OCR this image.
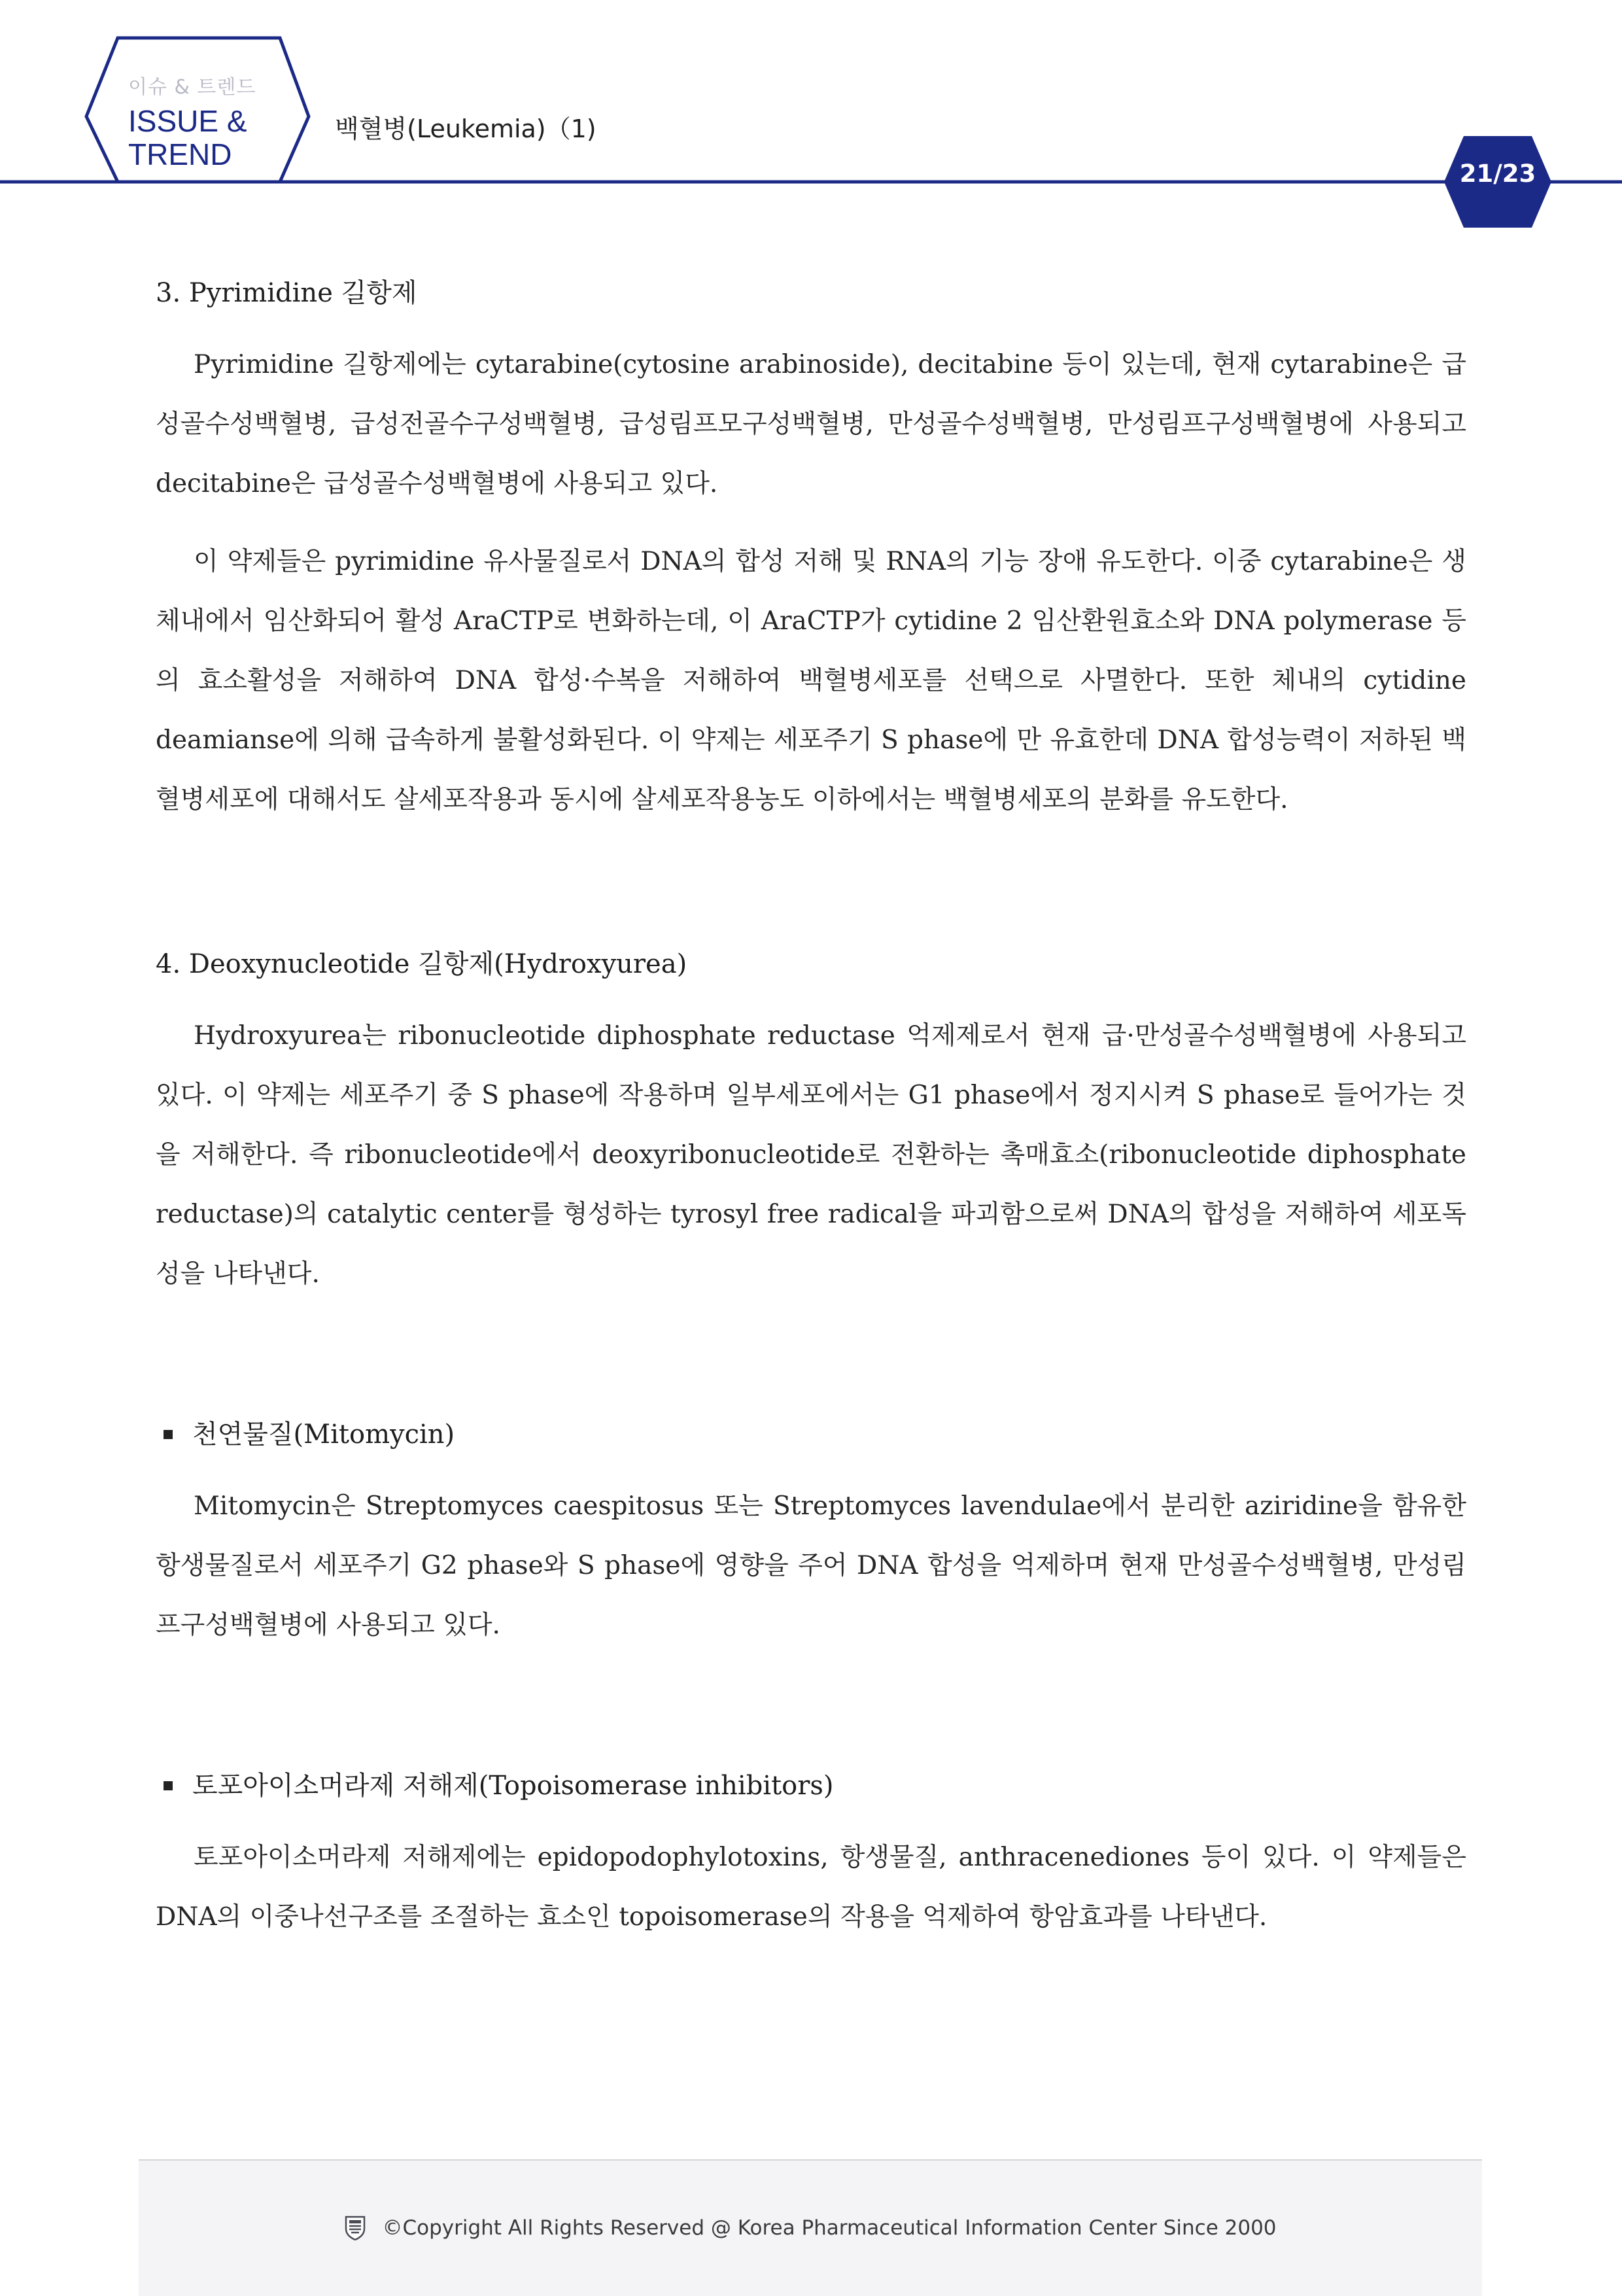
이슈 & 트렌드
ISSUE &
TREND
백혈병(Leukemia)（1)
21/23
3. Pyrimidine 길항제

Pyrimidine 길항제에는 cytarabine(cytosine arabinoside), decitabine 등이 있는데, 현재 cytarabine은 급성골수성백혈병, 급성전골수구성백혈병, 급성림프모구성백혈병, 만성골수성백혈병, 만성림프구성백혈병에 사용되고 decitabine은 급성골수성백혈병에 사용되고 있다.

이 약제들은 pyrimidine 유사물질로서 DNA의 합성 저해 및 RNA의 기능 장애 유도한다. 이중 cytarabine은 생체내에서 임산화되어 활성 AraCTP로 변화하는데, 이 AraCTP가 cytidine 2 임산환원효소와 DNA polymerase 등의 효소활성을 저해하여 DNA 합성·수복을 저해하여 백혈병세포를 선택으로 사멸한다. 또한 체내의 cytidine deamianse에 의해 급속하게 불활성화된다. 이 약제는 세포주기 S phase에 만 유효한데 DNA 합성능력이 저하된 백혈병세포에 대해서도 살세포작용과 동시에 살세포작용농도 이하에서는 백혈병세포의 분화를 유도한다.

4. Deoxynucleotide 길항제(Hydroxyurea)

Hydroxyurea는 ribonucleotide diphosphate reductase 억제제로서 현재 급·만성골수성백혈병에 사용되고 있다. 이 약제는 세포주기 중 S phase에 작용하며 일부세포에서는 G1 phase에서 정지시켜 S phase로 들어가는 것을 저해한다. 즉 ribonucleotide에서 deoxyribonucleotide로 전환하는 촉매효소(ribonucleotide diphosphate reductase)의 catalytic center를 형성하는 tyrosyl free radical을 파괴함으로써 DNA의 합성을 저해하여 세포독성을 나타낸다.

천연물질(Mitomycin)

Mitomycin은 Streptomyces caespitosus 또는 Streptomyces lavendulae에서 분리한 aziridine을 함유한 항생물질로서 세포주기 G2 phase와 S phase에 영향을 주어 DNA 합성을 억제하며 현재 만성골수성백혈병, 만성림프구성백혈병에 사용되고 있다.

토포아이소머라제 저해제(Topoisomerase inhibitors)

토포아이소머라제 저해제에는 epidopodophylotoxins, 항생물질, anthracenediones 등이 있다. 이 약제들은 DNA의 이중나선구조를 조절하는 효소인 topoisomerase의 작용을 억제하여 항암효과를 나타낸다.

©Copyright All Rights Reserved @ Korea Pharmaceutical Information Center Since 2000
